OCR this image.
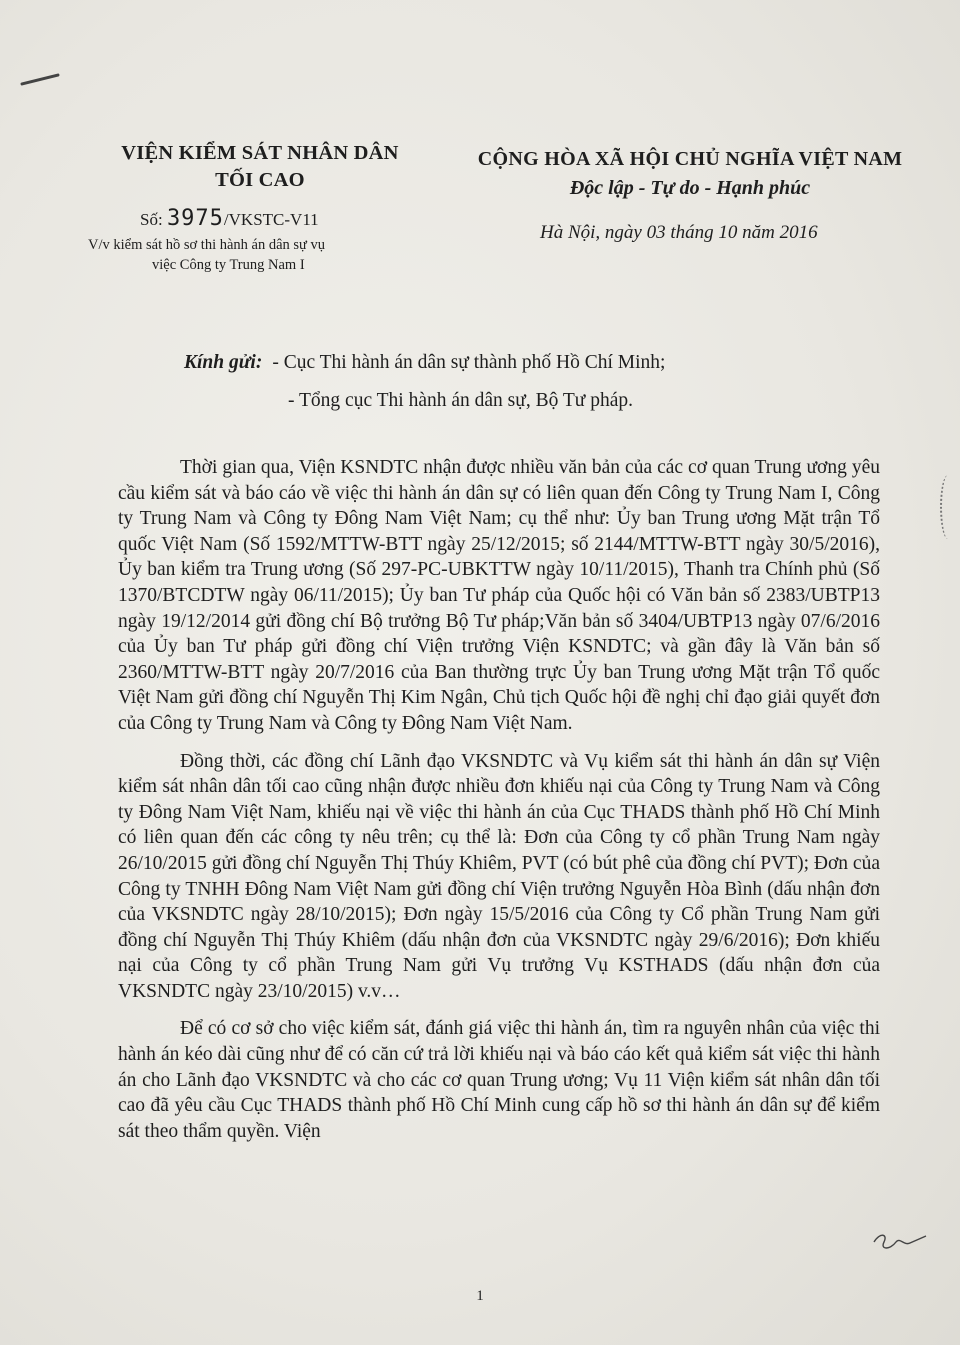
VIỆN KIỂM SÁT NHÂN DÂN
TỐI CAO
Số: 3975/VKSTC-V11
V/v kiểm sát hồ sơ thi hành án dân sự vụ
việc Công ty Trung Nam I
CỘNG HÒA XÃ HỘI CHỦ NGHĨA VIỆT NAM
Độc lập - Tự do - Hạnh phúc
Hà Nội, ngày 03 tháng 10 năm 2016
Kính gửi: - Cục Thi hành án dân sự thành phố Hồ Chí Minh;
- Tổng cục Thi hành án dân sự, Bộ Tư pháp.

Thời gian qua, Viện KSNDTC nhận được nhiều văn bản của các cơ quan Trung ương yêu cầu kiểm sát và báo cáo về việc thi hành án dân sự có liên quan đến Công ty Trung Nam I, Công ty Trung Nam và Công ty Đông Nam Việt Nam; cụ thể như: Ủy ban Trung ương Mặt trận Tổ quốc Việt Nam (Số 1592/MTTW-BTT ngày 25/12/2015; số 2144/MTTW-BTT ngày 30/5/2016), Ủy ban kiểm tra Trung ương (Số 297-PC-UBKTTW ngày 10/11/2015), Thanh tra Chính phủ (Số 1370/BTCDTW ngày 06/11/2015); Ủy ban Tư pháp của Quốc hội có Văn bản số 2383/UBTP13 ngày 19/12/2014 gửi đồng chí Bộ trưởng Bộ Tư pháp;Văn bản số 3404/UBTP13 ngày 07/6/2016 của Ủy ban Tư pháp gửi đồng chí Viện trưởng Viện KSNDTC; và gần đây là Văn bản số 2360/MTTW-BTT ngày 20/7/2016 của Ban thường trực Ủy ban Trung ương Mặt trận Tổ quốc Việt Nam gửi đồng chí Nguyễn Thị Kim Ngân, Chủ tịch Quốc hội đề nghị chỉ đạo giải quyết đơn của Công ty Trung Nam và Công ty Đông Nam Việt Nam.

Đồng thời, các đồng chí Lãnh đạo VKSNDTC và Vụ kiểm sát thi hành án dân sự Viện kiểm sát nhân dân tối cao cũng nhận được nhiều đơn khiếu nại của Công ty Trung Nam và Công ty Đông Nam Việt Nam, khiếu nại về việc thi hành án của Cục THADS thành phố Hồ Chí Minh có liên quan đến các công ty nêu trên; cụ thể là: Đơn của Công ty cổ phần Trung Nam ngày 26/10/2015 gửi đồng chí Nguyễn Thị Thúy Khiêm, PVT (có bút phê của đồng chí PVT); Đơn của Công ty TNHH Đông Nam Việt Nam gửi đồng chí Viện trưởng Nguyễn Hòa Bình (dấu nhận đơn của VKSNDTC ngày 28/10/2015); Đơn ngày 15/5/2016 của Công ty Cổ phần Trung Nam gửi đồng chí Nguyễn Thị Thúy Khiêm (dấu nhận đơn của VKSNDTC ngày 29/6/2016); Đơn khiếu nại của Công ty cổ phần Trung Nam gửi Vụ trưởng Vụ KSTHADS (dấu nhận đơn của VKSNDTC ngày 23/10/2015) v.v…

Để có cơ sở cho việc kiểm sát, đánh giá việc thi hành án, tìm ra nguyên nhân của việc thi hành án kéo dài cũng như để có căn cứ trả lời khiếu nại và báo cáo kết quả kiểm sát việc thi hành án cho Lãnh đạo VKSNDTC và cho các cơ quan Trung ương; Vụ 11 Viện kiểm sát nhân dân tối cao đã yêu cầu Cục THADS thành phố Hồ Chí Minh cung cấp hồ sơ thi hành án dân sự để kiểm sát theo thẩm quyền. Viện

1
